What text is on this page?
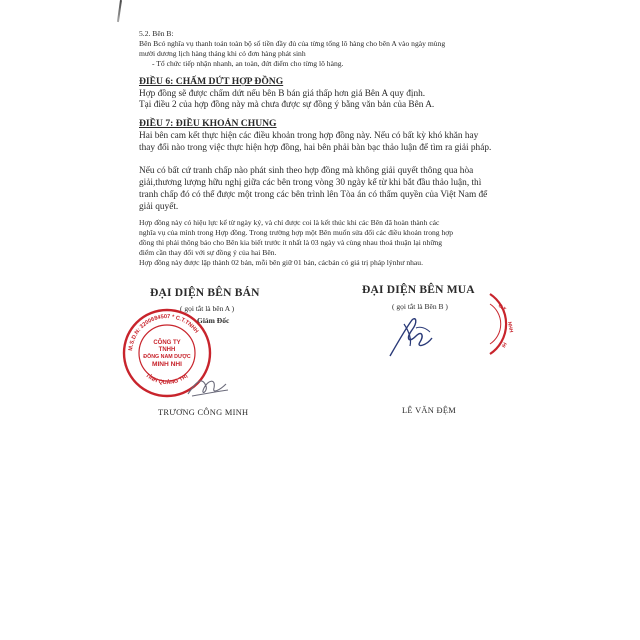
5.2. Bên B:
Bên Bcó nghĩa vụ thanh toán toàn bộ số tiền đầy đủ của từng tổng lô hàng cho bên A vào ngày mùng
mười dương lịch hàng tháng khi có đơn hàng phát sinh
- Tổ chức tiếp nhận nhanh, an toàn, đứt điểm cho từng lô hàng.
ĐIỀU 6: CHẤM DỨT HỢP ĐỒNG
Hợp đồng sẽ được chấm dứt nếu bên B bán giá thấp hơn giá Bên A quy định.
Tại điều 2 của hợp đồng này mà chưa được sự đồng ý bằng văn bản của Bên A.
ĐIỀU 7: ĐIỀU KHOẢN CHUNG
Hai bên cam kết thực hiện các điều khoản trong hợp đồng này. Nếu có bất kỳ khó khăn hay
thay đổi nào trong việc thực hiện hợp đồng, hai bên phải bàn bạc thảo luận để tìm ra giải pháp.
Nếu có bất cứ tranh chấp nào phát sinh theo hợp đồng mà không giải quyết thông qua hòa
giải,thương lượng hữu nghị giữa các bên trong vòng 30 ngày kể từ khi bắt đầu thảo luận, thì
tranh chấp đó có thể được một trong các bên trình lên Tòa án có thẩm quyền của Việt Nam để
giải quyết.
Hợp đồng này có hiệu lực kể từ ngày ký, và chỉ được coi là kết thúc khi các Bên đã hoàn thành các
nghĩa vụ của mình trong Hợp đồng. Trong trường hợp một Bên muốn sửa đổi các điều khoản trong hợp
đồng thì phải thông báo cho Bên kia biết trước ít nhất là 03 ngày và cùng nhau thoả thuận lại những
điểm cần thay đổi với sự đồng ý của hai Bên.
Hợp đồng này được lập thành 02 bản, mỗi bên giữ 01 bản, cácbản có giá trị pháp lýnhư nhau.
ĐẠI DIỆN BÊN BÁN
( gọi tắt là bên A )
Giám Đốc
ĐẠI DIỆN BÊN MUA
( gọi tắt là Bên B )
M.S.D.N: 3200684507 * C.T.TNHH
TỈNH QUẢNG TRỊ
CÔNG TY
TNHH
ĐÔNG NAM DƯỢC
MINH NHI
C.T
NHH
HI
TRƯƠNG CÔNG MINH	LÊ VĂN ĐỆM
